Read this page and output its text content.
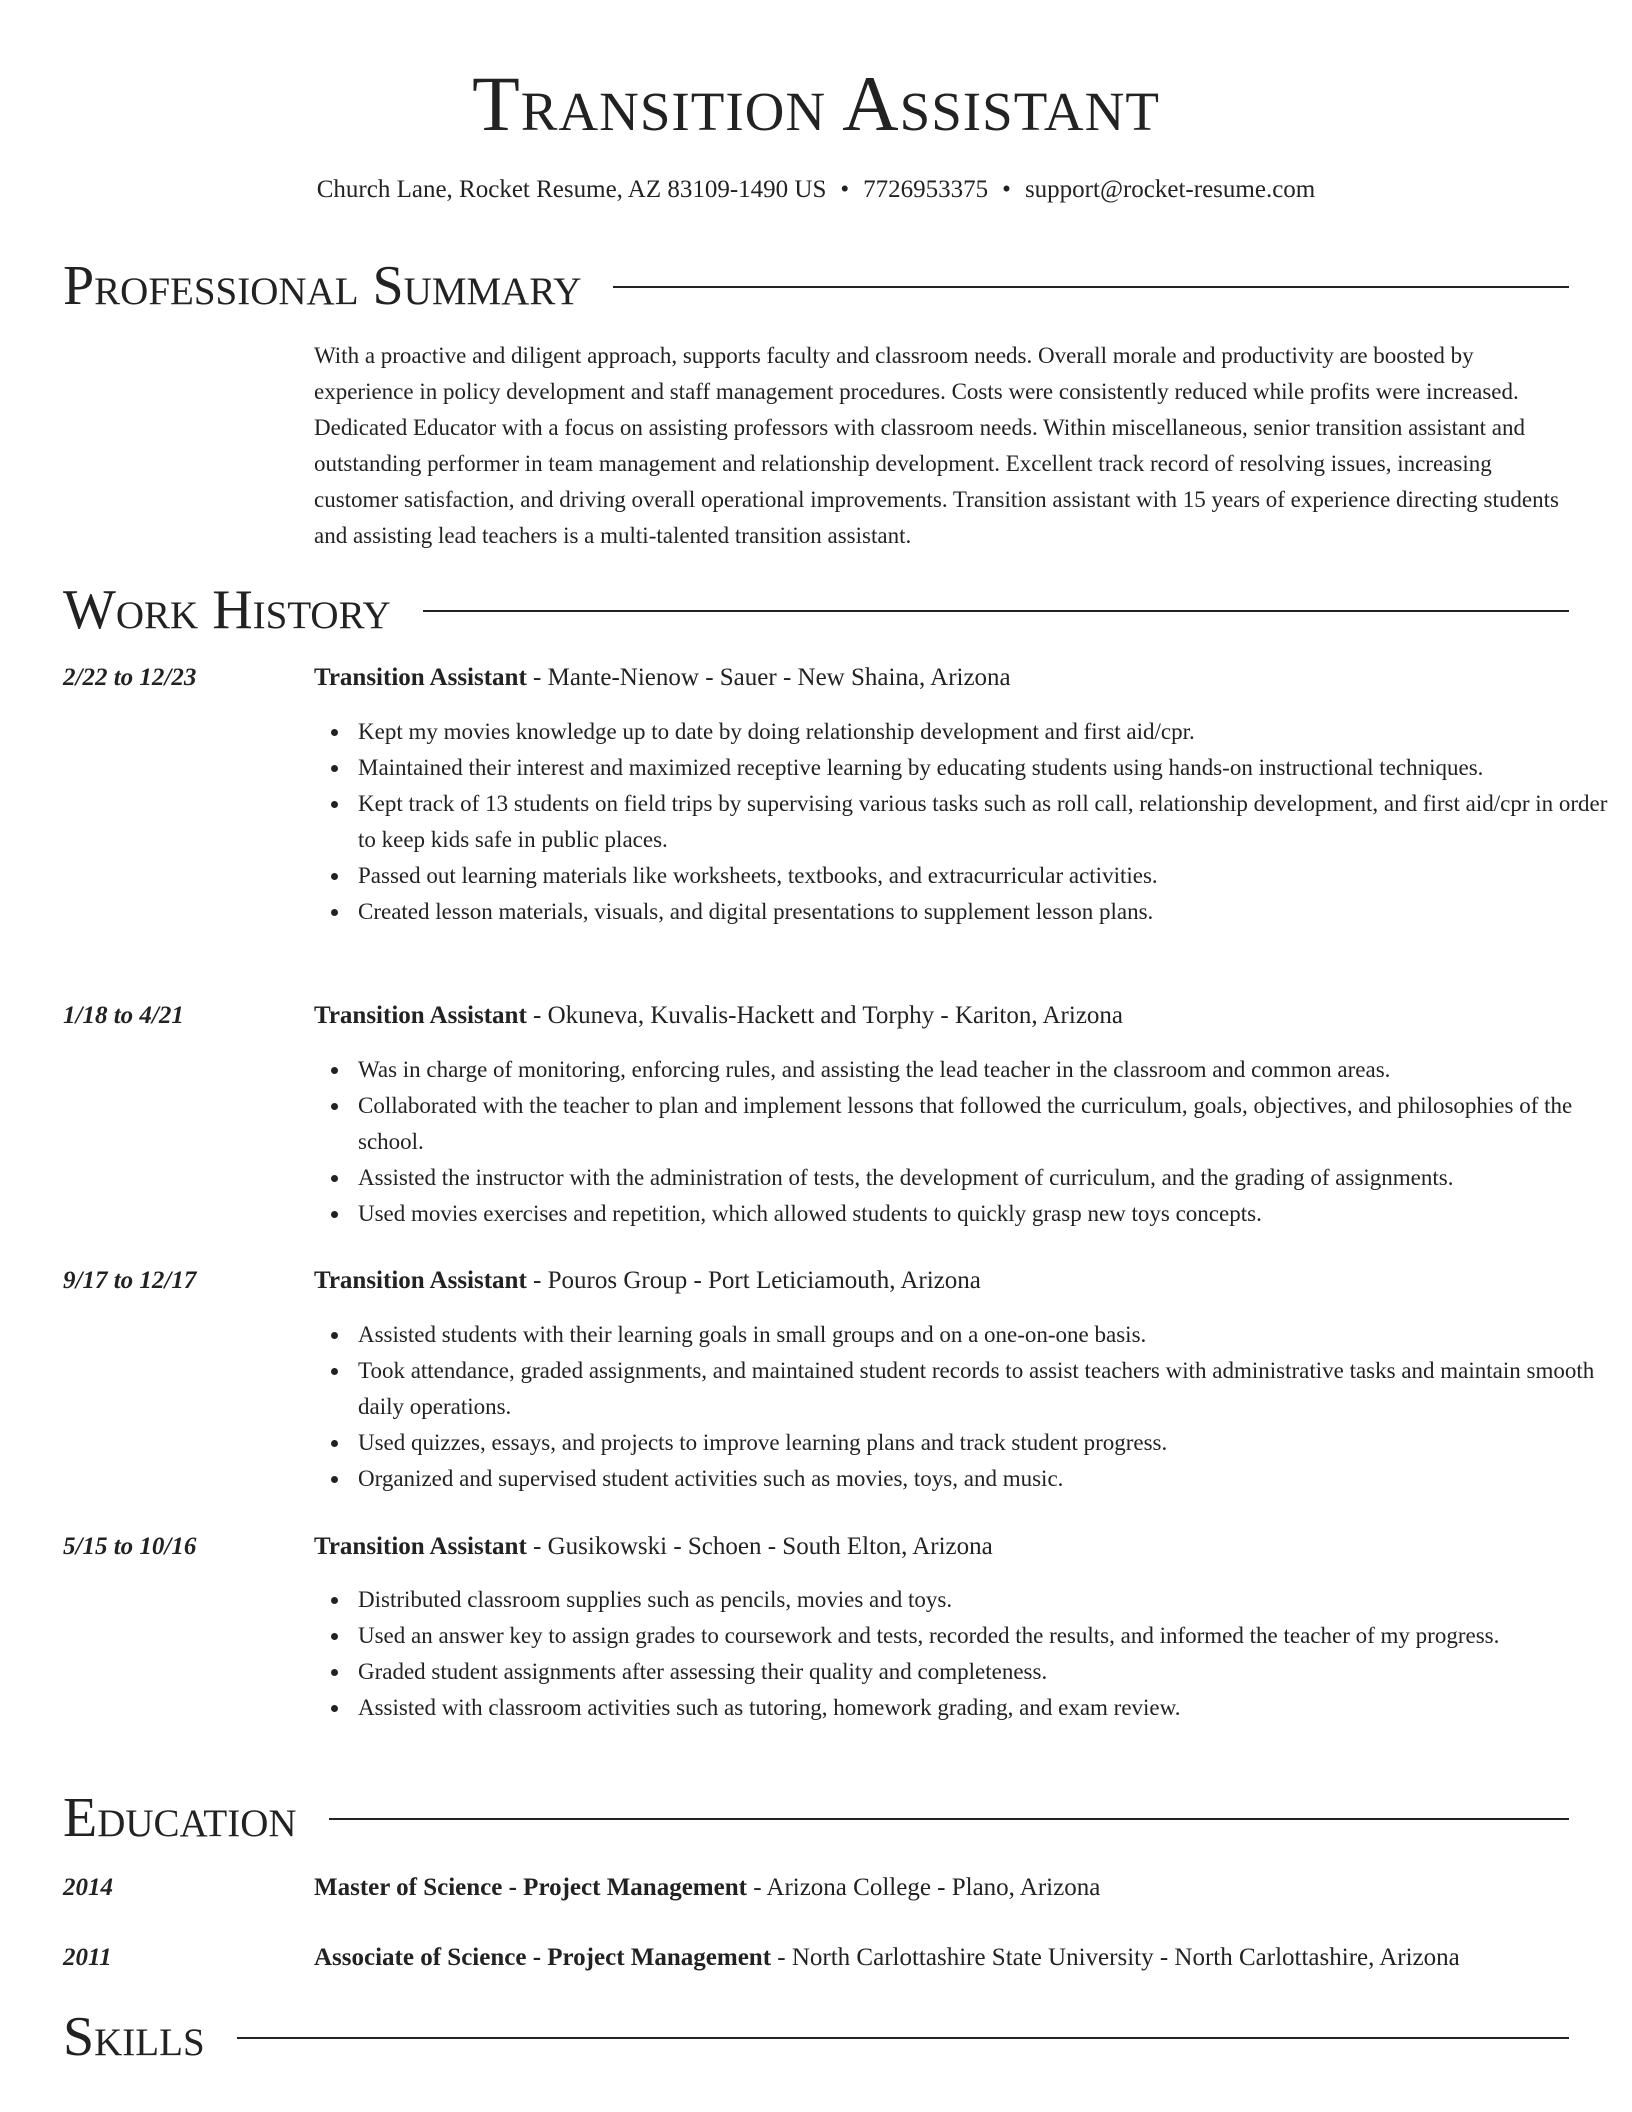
Transition Assistant
Church Lane, Rocket Resume, AZ 83109-1490 US • 7726953375 • support@rocket-resume.com
Professional Summary
With a proactive and diligent approach, supports faculty and classroom needs. Overall morale and productivity are boosted by experience in policy development and staff management procedures. Costs were consistently reduced while profits were increased. Dedicated Educator with a focus on assisting professors with classroom needs. Within miscellaneous, senior transition assistant and outstanding performer in team management and relationship development. Excellent track record of resolving issues, increasing customer satisfaction, and driving overall operational improvements. Transition assistant with 15 years of experience directing students and assisting lead teachers is a multi-talented transition assistant.
Work History
2/22 to 12/23	Transition Assistant - Mante-Nienow - Sauer - New Shaina, Arizona
Kept my movies knowledge up to date by doing relationship development and first aid/cpr.
Maintained their interest and maximized receptive learning by educating students using hands-on instructional techniques.
Kept track of 13 students on field trips by supervising various tasks such as roll call, relationship development, and first aid/cpr in order to keep kids safe in public places.
Passed out learning materials like worksheets, textbooks, and extracurricular activities.
Created lesson materials, visuals, and digital presentations to supplement lesson plans.
1/18 to 4/21	Transition Assistant - Okuneva, Kuvalis-Hackett and Torphy - Kariton, Arizona
Was in charge of monitoring, enforcing rules, and assisting the lead teacher in the classroom and common areas.
Collaborated with the teacher to plan and implement lessons that followed the curriculum, goals, objectives, and philosophies of the school.
Assisted the instructor with the administration of tests, the development of curriculum, and the grading of assignments.
Used movies exercises and repetition, which allowed students to quickly grasp new toys concepts.
9/17 to 12/17	Transition Assistant - Pouros Group - Port Leticiamouth, Arizona
Assisted students with their learning goals in small groups and on a one-on-one basis.
Took attendance, graded assignments, and maintained student records to assist teachers with administrative tasks and maintain smooth daily operations.
Used quizzes, essays, and projects to improve learning plans and track student progress.
Organized and supervised student activities such as movies, toys, and music.
5/15 to 10/16	Transition Assistant - Gusikowski - Schoen - South Elton, Arizona
Distributed classroom supplies such as pencils, movies and toys.
Used an answer key to assign grades to coursework and tests, recorded the results, and informed the teacher of my progress.
Graded student assignments after assessing their quality and completeness.
Assisted with classroom activities such as tutoring, homework grading, and exam review.
Education
2014	Master of Science - Project Management - Arizona College - Plano, Arizona
2011	Associate of Science - Project Management - North Carlottashire State University - North Carlottashire, Arizona
Skills
